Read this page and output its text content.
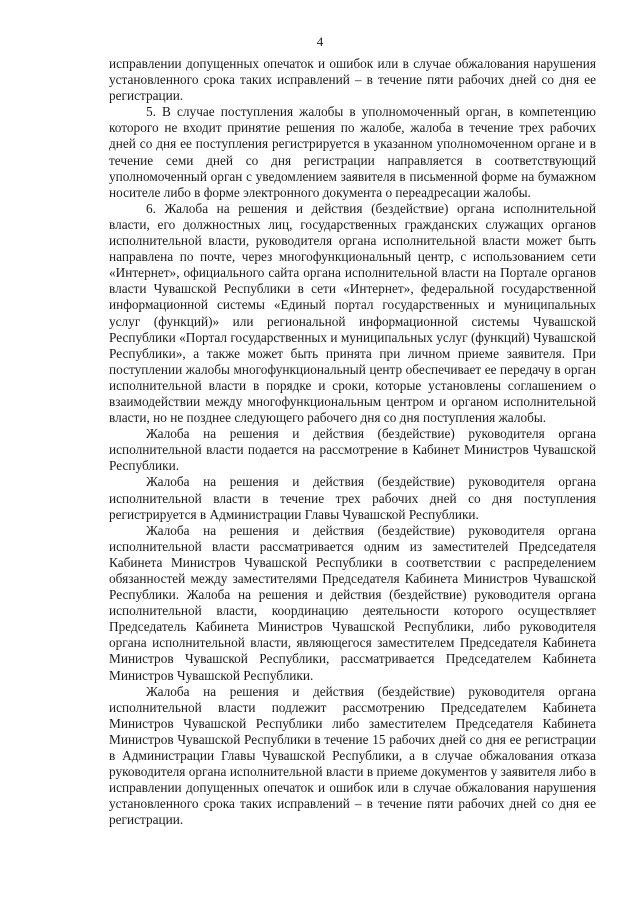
4

исправлении допущенных опечаток и ошибок или в случае обжалования нарушения установленного срока таких исправлений – в течение пяти рабочих дней со дня ее регистрации.

5. В случае поступления жалобы в уполномоченный орган, в компетенцию которого не входит принятие решения по жалобе, жалоба в течение трех рабочих дней со дня ее поступления регистрируется в указанном уполномоченном органе и в течение семи дней со дня регистрации направляется в соответствующий уполномоченный орган с уведомлением заявителя в письменной форме на бумажном носителе либо в форме электронного документа о переадресации жалобы.

6. Жалоба на решения и действия (бездействие) органа исполнительной власти, его должностных лиц, государственных гражданских служащих органов исполнительной власти, руководителя органа исполнительной власти может быть направлена по почте, через многофункциональный центр, с использованием сети «Интернет», официального сайта органа исполнительной власти на Портале органов власти Чувашской Республики в сети «Интернет», федеральной государственной информационной системы «Единый портал государственных и муниципальных услуг (функций)» или региональной информационной системы Чувашской Республики «Портал государственных и муниципальных услуг (функций) Чувашской Республики», а также может быть принята при личном приеме заявителя. При поступлении жалобы многофункциональный центр обеспечивает ее передачу в орган исполнительной власти в порядке и сроки, которые установлены соглашением о взаимодействии между многофункциональным центром и органом исполнительной власти, но не позднее следующего рабочего дня со дня поступления жалобы.

Жалоба на решения и действия (бездействие) руководителя органа исполнительной власти подается на рассмотрение в Кабинет Министров Чувашской Республики.

Жалоба на решения и действия (бездействие) руководителя органа исполнительной власти в течение трех рабочих дней со дня поступления регистрируется в Администрации Главы Чувашской Республики.

Жалоба на решения и действия (бездействие) руководителя органа исполнительной власти рассматривается одним из заместителей Председателя Кабинета Министров Чувашской Республики в соответствии с распределением обязанностей между заместителями Председателя Кабинета Министров Чувашской Республики. Жалоба на решения и действия (бездействие) руководителя органа исполнительной власти, координацию деятельности которого осуществляет Председатель Кабинета Министров Чувашской Республики, либо руководителя органа исполнительной власти, являющегося заместителем Председателя Кабинета Министров Чувашской Республики, рассматривается Председателем Кабинета Министров Чувашской Республики.

Жалоба на решения и действия (бездействие) руководителя органа исполнительной власти подлежит рассмотрению Председателем Кабинета Министров Чувашской Республики либо заместителем Председателя Кабинета Министров Чувашской Республики в течение 15 рабочих дней со дня ее регистрации в Администрации Главы Чувашской Республики, а в случае обжалования отказа руководителя органа исполнительной власти в приеме документов у заявителя либо в исправлении допущенных опечаток и ошибок или в случае обжалования нарушения установленного срока таких исправлений – в течение пяти рабочих дней со дня ее регистрации.
